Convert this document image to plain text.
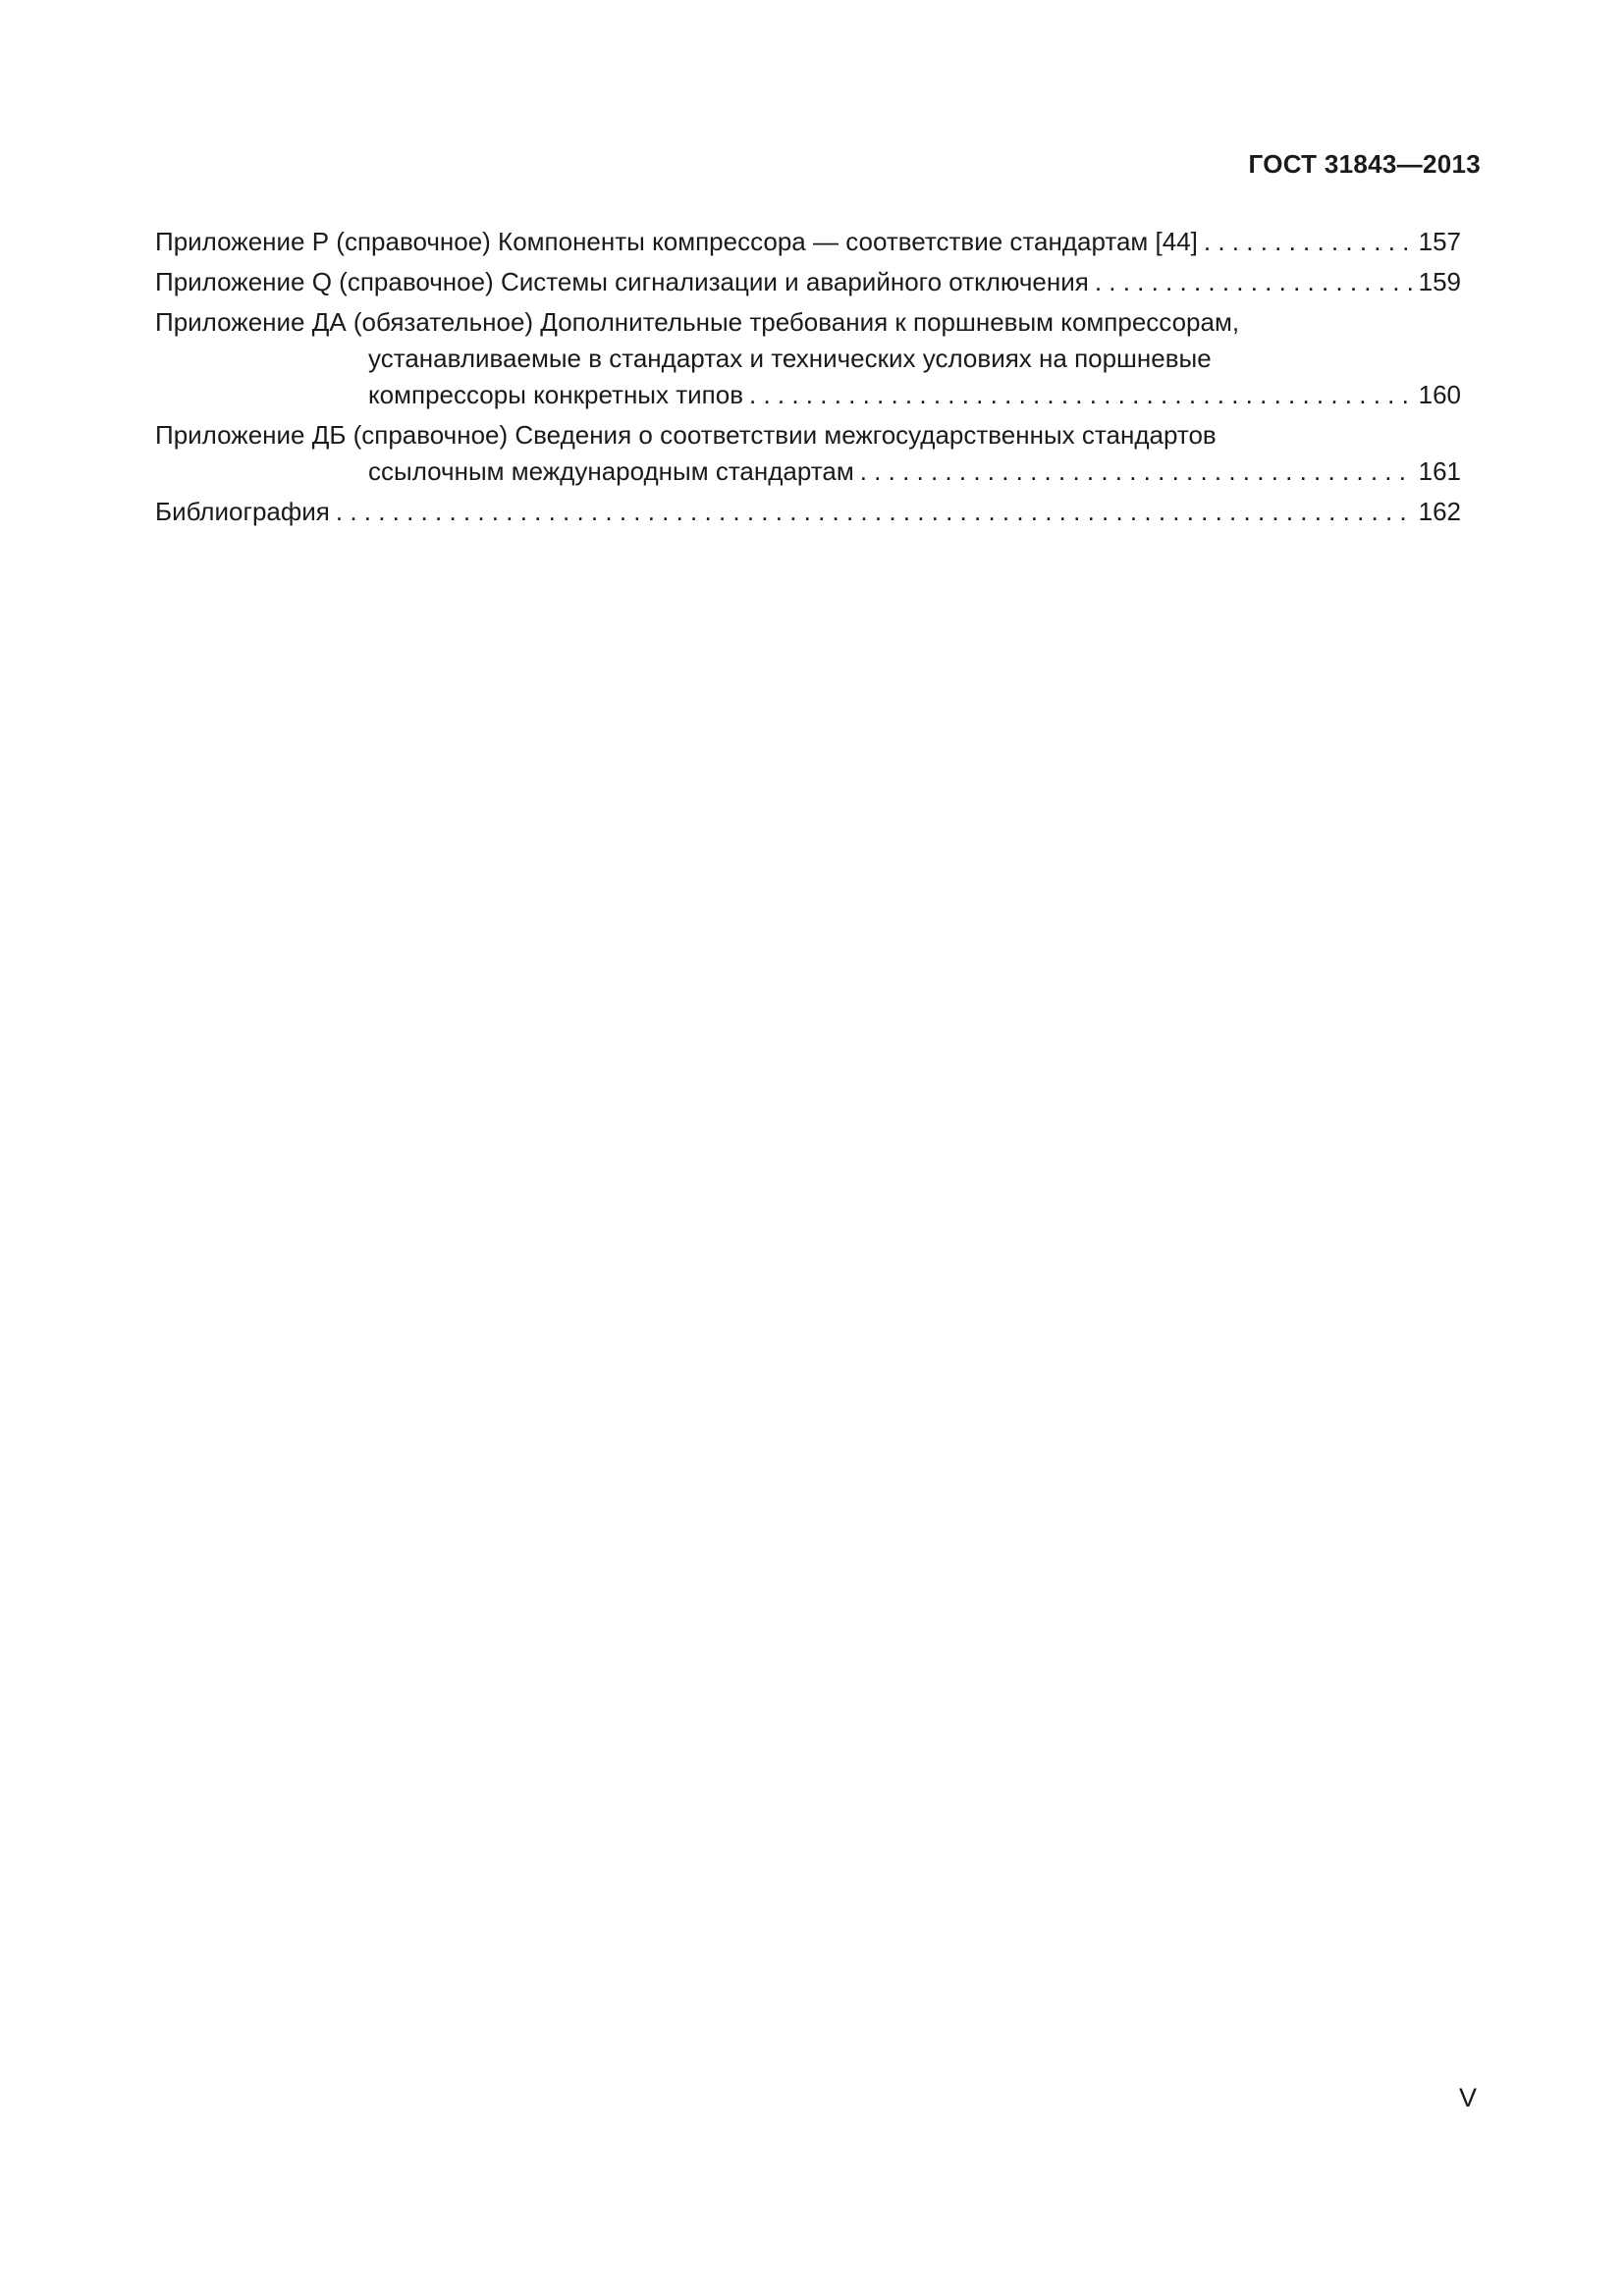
ГОСТ 31843—2013
Приложение Р (справочное) Компоненты компрессора — соответствие стандартам [44] . . .	157
Приложение Q (справочное) Системы сигнализации и аварийного отключения . . .	159
Приложение ДА (обязательное) Дополнительные требования к поршневым компрессорам,
устанавливаемые в стандартах и технических условиях на поршневые
компрессоры конкретных типов . . .	160
Приложение ДБ (справочное) Сведения о соответствии межгосударственных стандартов
ссылочным международным стандартам . . .	161
Библиография . . .	162
V
